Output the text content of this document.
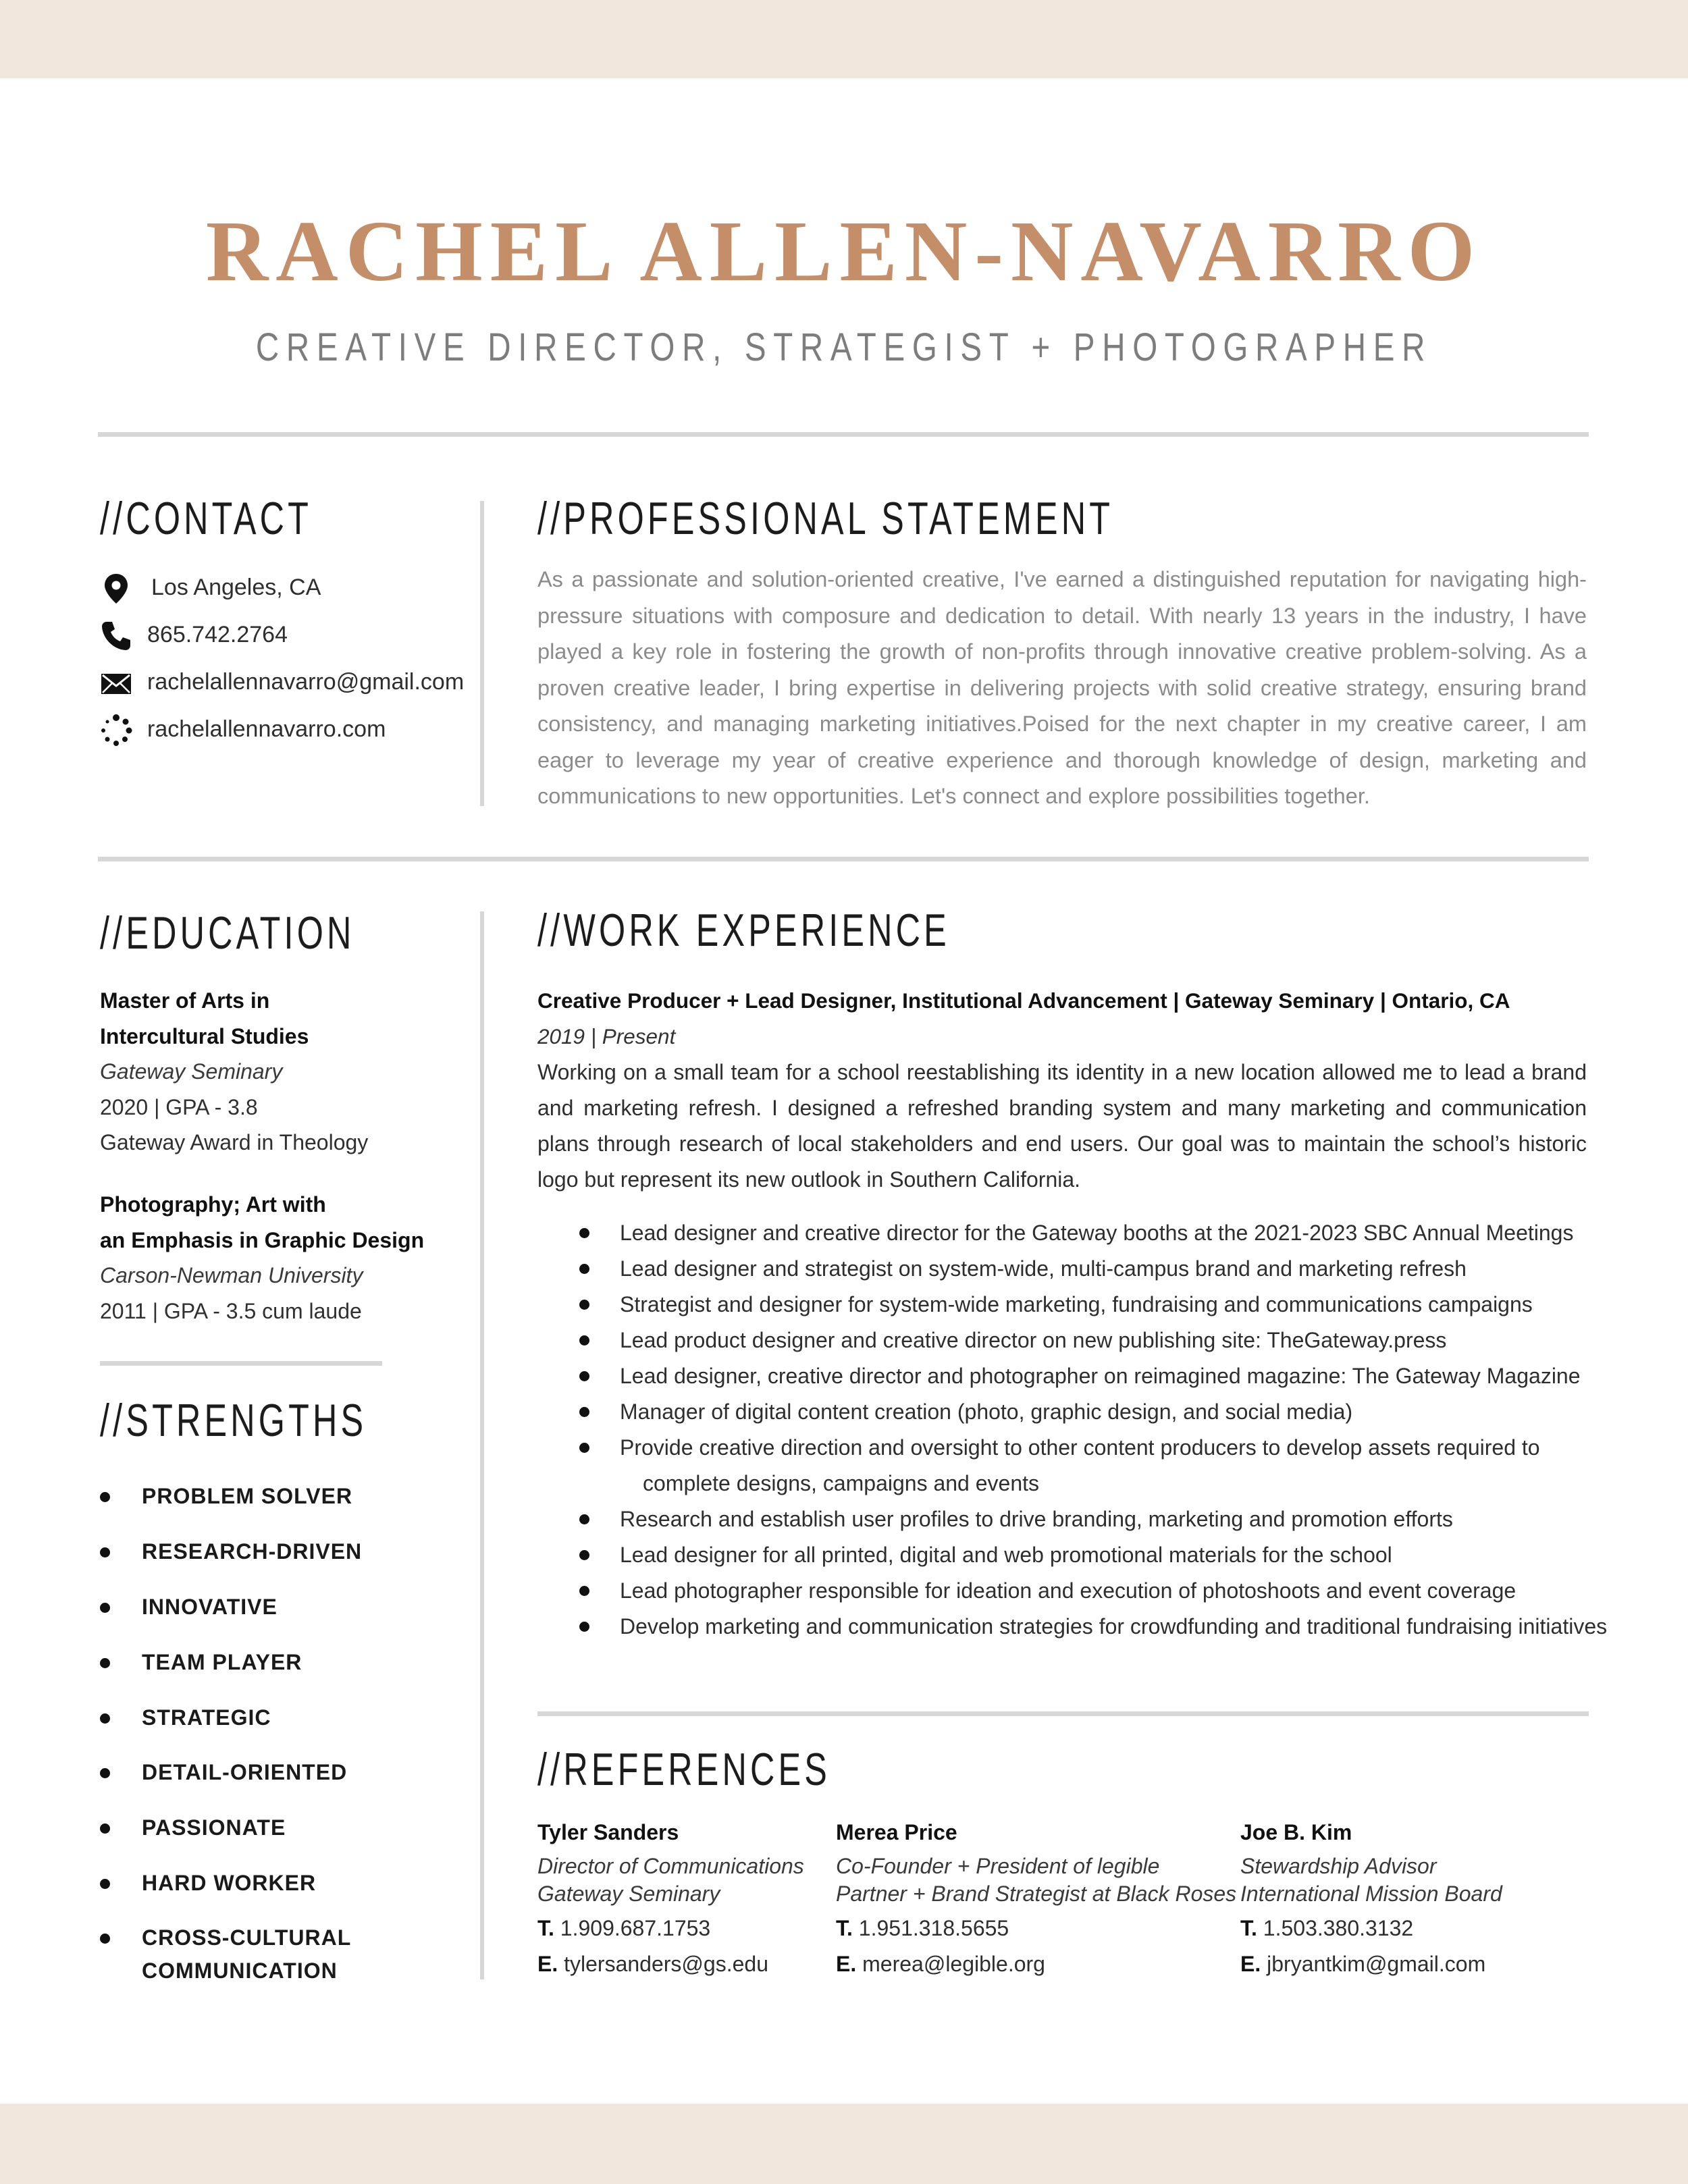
RACHEL ALLEN-NAVARRO
CREATIVE DIRECTOR, STRATEGIST + PHOTOGRAPHER
//CONTACT
Los Angeles, CA
865.742.2764
rachelallennavarro@gmail.com
rachelallennavarro.com
//PROFESSIONAL STATEMENT
As a passionate and solution-oriented creative, I've earned a distinguished reputation for navigating high-pressure situations with composure and dedication to detail. With nearly 13 years in the industry, I have played a key role in fostering the growth of non-profits through innovative creative problem-solving. As a proven creative leader, I bring expertise in delivering projects with solid creative strategy, ensuring brand consistency, and managing marketing initiatives.Poised for the next chapter in my creative career, I am eager to leverage my year of creative experience and thorough knowledge of design, marketing and communications to new opportunities. Let's connect and explore possibilities together.
//EDUCATION
Master of Arts in
Intercultural Studies
Gateway Seminary
2020 | GPA - 3.8
Gateway Award in Theology
Photography; Art with
an Emphasis in Graphic Design
Carson-Newman University
2011 | GPA - 3.5 cum laude
//STRENGTHS
PROBLEM SOLVER
RESEARCH-DRIVEN
INNOVATIVE
TEAM PLAYER
STRATEGIC
DETAIL-ORIENTED
PASSIONATE
HARD WORKER
CROSS-CULTURAL
COMMUNICATION
//WORK EXPERIENCE
Creative Producer + Lead Designer, Institutional Advancement | Gateway Seminary | Ontario, CA
2019 | Present
Working on a small team for a school reestablishing its identity in a new location allowed me to lead a brand and marketing refresh. I designed a refreshed branding system and many marketing and communication plans through research of local stakeholders and end users. Our goal was to maintain the school’s historic logo but represent its new outlook in Southern California.
Lead designer and creative director for the Gateway booths at the 2021-2023 SBC Annual Meetings
Lead designer and strategist on system-wide, multi-campus brand and marketing refresh
Strategist and designer for system-wide marketing, fundraising and communications campaigns
Lead product designer and creative director on new publishing site: TheGateway.press
Lead designer, creative director and photographer on reimagined magazine: The Gateway Magazine
Manager of digital content creation (photo, graphic design, and social media)
Provide creative direction and oversight to other content producers to develop assets required to
complete designs, campaigns and events
Research and establish user profiles to drive branding, marketing and promotion efforts
Lead designer for all printed, digital and web promotional materials for the school
Lead photographer responsible for ideation and execution of photoshoots and event coverage
Develop marketing and communication strategies for crowdfunding and traditional fundraising initiatives
//REFERENCES
Tyler Sanders
Director of Communications
Gateway Seminary
T. 1.909.687.1753
E. tylersanders@gs.edu
Merea Price
Co-Founder + President of legible
Partner + Brand Strategist at Black Roses
T. 1.951.318.5655
E. merea@legible.org
Joe B. Kim
Stewardship Advisor
International Mission Board
T. 1.503.380.3132
E. jbryantkim@gmail.com
